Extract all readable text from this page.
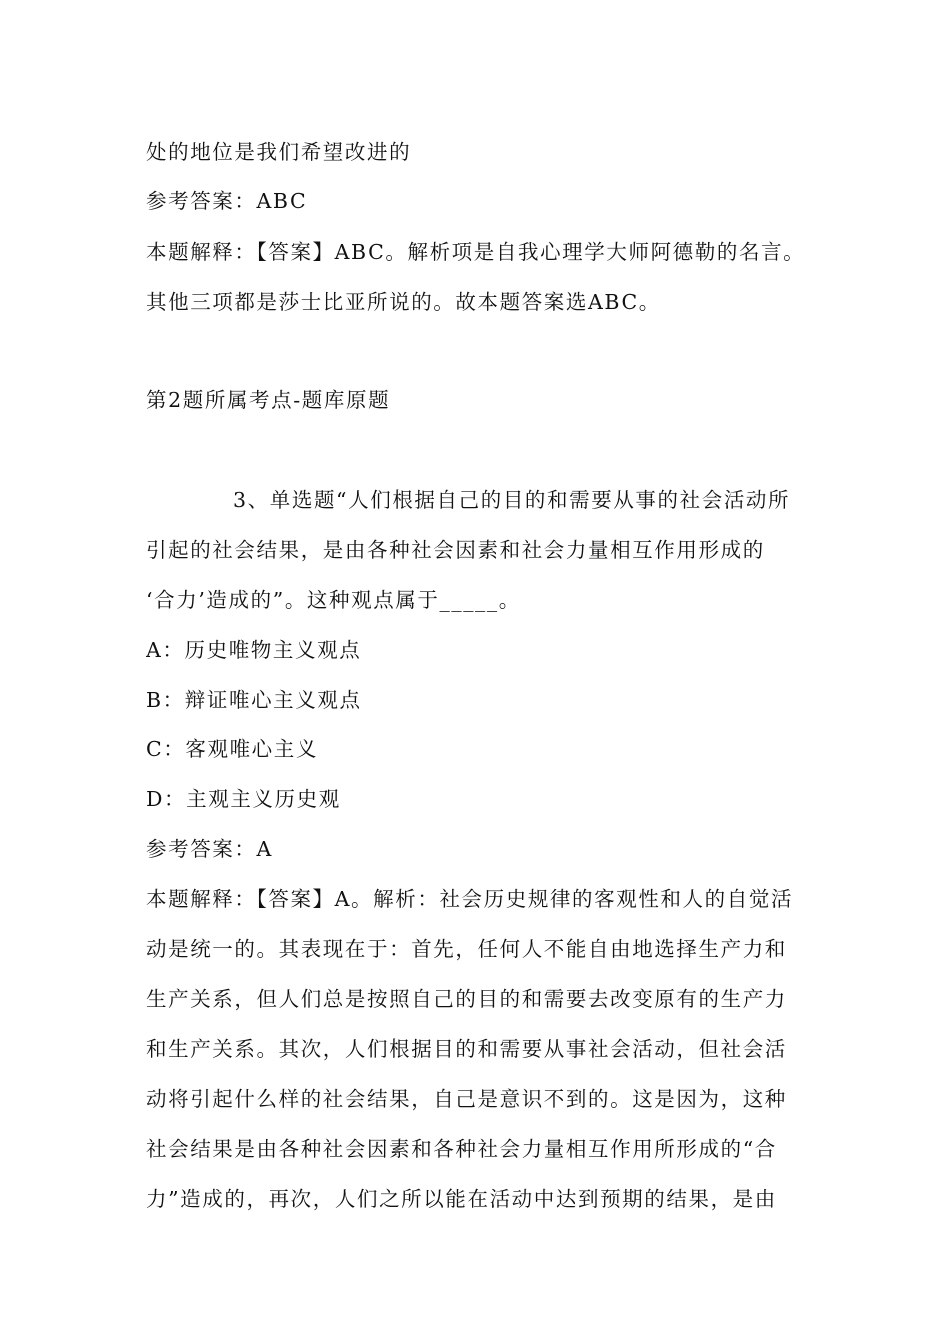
处的地位是我们希望改进的
参考答案：ABC
本题解释：【答案】ABC。解析项是自我心理学大师阿德勒的名言。
其他三项都是莎士比亚所说的。故本题答案选ABC。
第2题所属考点-题库原题
3、单选题“人们根据自己的目的和需要从事的社会活动所
引起的社会结果，是由各种社会因素和社会力量相互作用形成的
‘合力’造成的”。这种观点属于_____。
A：历史唯物主义观点
B：辩证唯心主义观点
C：客观唯心主义
D：主观主义历史观
参考答案：A
本题解释：【答案】A。解析：社会历史规律的客观性和人的自觉活
动是统一的。其表现在于：首先，任何人不能自由地选择生产力和
生产关系，但人们总是按照自己的目的和需要去改变原有的生产力
和生产关系。其次，人们根据目的和需要从事社会活动，但社会活
动将引起什么样的社会结果，自己是意识不到的。这是因为，这种
社会结果是由各种社会因素和各种社会力量相互作用所形成的“合
力”造成的，再次，人们之所以能在活动中达到预期的结果，是由
